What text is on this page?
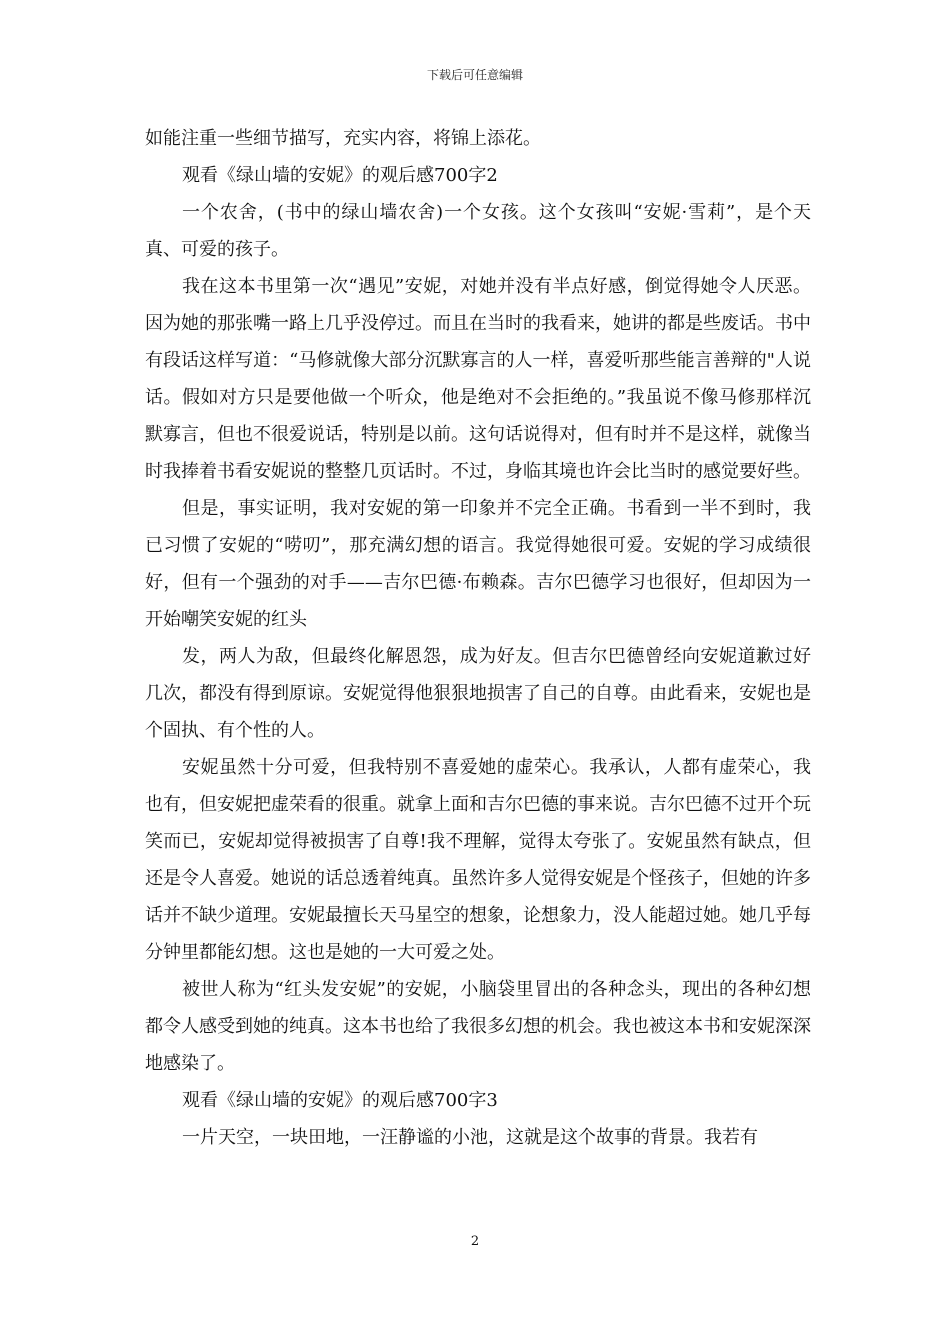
下载后可任意编辑

如能注重一些细节描写，充实内容，将锦上添花。

观看《绿山墙的安妮》的观后感700字2

一个农舍，(书中的绿山墙农舍)一个女孩。这个女孩叫“安妮·雪莉”，是个天真、可爱的孩子。

我在这本书里第一次“遇见”安妮，对她并没有半点好感，倒觉得她令人厌恶。因为她的那张嘴一路上几乎没停过。而且在当时的我看来，她讲的都是些废话。书中有段话这样写道：“马修就像大部分沉默寡言的人一样，喜爱听那些能言善辩的"人说话。假如对方只是要他做一个听众，他是绝对不会拒绝的。”我虽说不像马修那样沉默寡言，但也不很爱说话，特别是以前。这句话说得对，但有时并不是这样，就像当时我捧着书看安妮说的整整几页话时。不过，身临其境也许会比当时的感觉要好些。

但是，事实证明，我对安妮的第一印象并不完全正确。书看到一半不到时，我已习惯了安妮的“唠叨”，那充满幻想的语言。我觉得她很可爱。安妮的学习成绩很好，但有一个强劲的对手——吉尔巴德·布赖森。吉尔巴德学习也很好，但却因为一开始嘲笑安妮的红头

发，两人为敌，但最终化解恩怨，成为好友。但吉尔巴德曾经向安妮道歉过好几次，都没有得到原谅。安妮觉得他狠狠地损害了自己的自尊。由此看来，安妮也是个固执、有个性的人。

安妮虽然十分可爱，但我特别不喜爱她的虚荣心。我承认，人都有虚荣心，我也有，但安妮把虚荣看的很重。就拿上面和吉尔巴德的事来说。吉尔巴德不过开个玩笑而已，安妮却觉得被损害了自尊!我不理解，觉得太夸张了。安妮虽然有缺点，但还是令人喜爱。她说的话总透着纯真。虽然许多人觉得安妮是个怪孩子，但她的许多话并不缺少道理。安妮最擅长天马星空的想象，论想象力，没人能超过她。她几乎每分钟里都能幻想。这也是她的一大可爱之处。

被世人称为“红头发安妮”的安妮，小脑袋里冒出的各种念头，现出的各种幻想都令人感受到她的纯真。这本书也给了我很多幻想的机会。我也被这本书和安妮深深地感染了。

观看《绿山墙的安妮》的观后感700字3

一片天空，一块田地，一汪静谧的小池，这就是这个故事的背景。我若有

2
